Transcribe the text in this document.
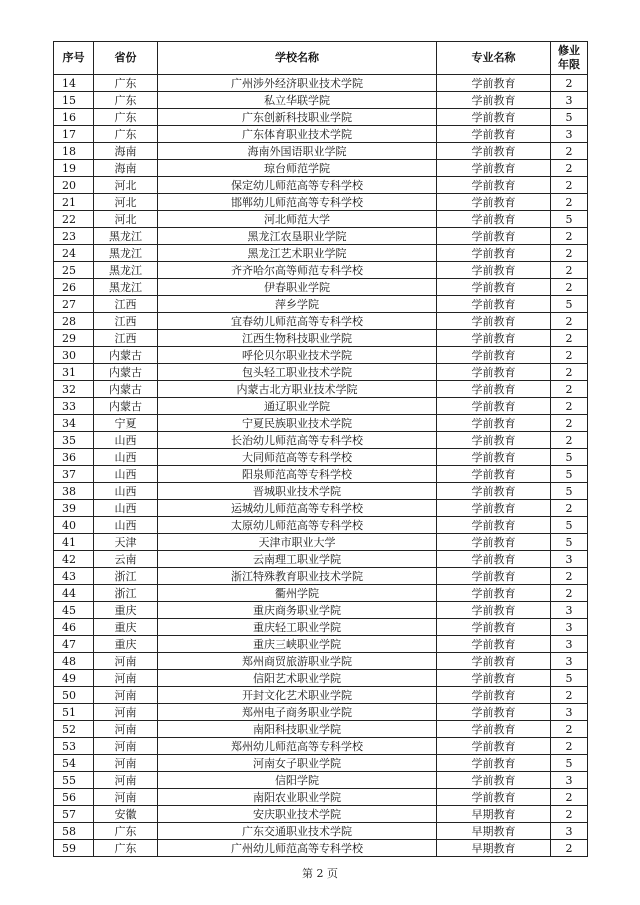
序号	省份	学校名称	专业名称	修业
年限
14	广东	广州涉外经济职业技术学院	学前教育	2
15	广东	私立华联学院	学前教育	3
16	广东	广东创新科技职业学院	学前教育	5
17	广东	广东体育职业技术学院	学前教育	3
18	海南	海南外国语职业学院	学前教育	2
19	海南	琼台师范学院	学前教育	2
20	河北	保定幼儿师范高等专科学校	学前教育	2
21	河北	邯郸幼儿师范高等专科学校	学前教育	2
22	河北	河北师范大学	学前教育	5
23	黑龙江	黑龙江农垦职业学院	学前教育	2
24	黑龙江	黑龙江艺术职业学院	学前教育	2
25	黑龙江	齐齐哈尔高等师范专科学校	学前教育	2
26	黑龙江	伊春职业学院	学前教育	2
27	江西	萍乡学院	学前教育	5
28	江西	宜春幼儿师范高等专科学校	学前教育	2
29	江西	江西生物科技职业学院	学前教育	2
30	内蒙古	呼伦贝尔职业技术学院	学前教育	2
31	内蒙古	包头轻工职业技术学院	学前教育	2
32	内蒙古	内蒙古北方职业技术学院	学前教育	2
33	内蒙古	通辽职业学院	学前教育	2
34	宁夏	宁夏民族职业技术学院	学前教育	2
35	山西	长治幼儿师范高等专科学校	学前教育	2
36	山西	大同师范高等专科学校	学前教育	5
37	山西	阳泉师范高等专科学校	学前教育	5
38	山西	晋城职业技术学院	学前教育	5
39	山西	运城幼儿师范高等专科学校	学前教育	2
40	山西	太原幼儿师范高等专科学校	学前教育	5
41	天津	天津市职业大学	学前教育	5
42	云南	云南理工职业学院	学前教育	3
43	浙江	浙江特殊教育职业技术学院	学前教育	2
44	浙江	衢州学院	学前教育	2
45	重庆	重庆商务职业学院	学前教育	3
46	重庆	重庆轻工职业学院	学前教育	3
47	重庆	重庆三峡职业学院	学前教育	3
48	河南	郑州商贸旅游职业学院	学前教育	3
49	河南	信阳艺术职业学院	学前教育	5
50	河南	开封文化艺术职业学院	学前教育	2
51	河南	郑州电子商务职业学院	学前教育	3
52	河南	南阳科技职业学院	学前教育	2
53	河南	郑州幼儿师范高等专科学校	学前教育	2
54	河南	河南女子职业学院	学前教育	5
55	河南	信阳学院	学前教育	3
56	河南	南阳农业职业学院	学前教育	2
57	安徽	安庆职业技术学院	早期教育	2
58	广东	广东交通职业技术学院	早期教育	3
59	广东	广州幼儿师范高等专科学校	早期教育	2
第 2 页
